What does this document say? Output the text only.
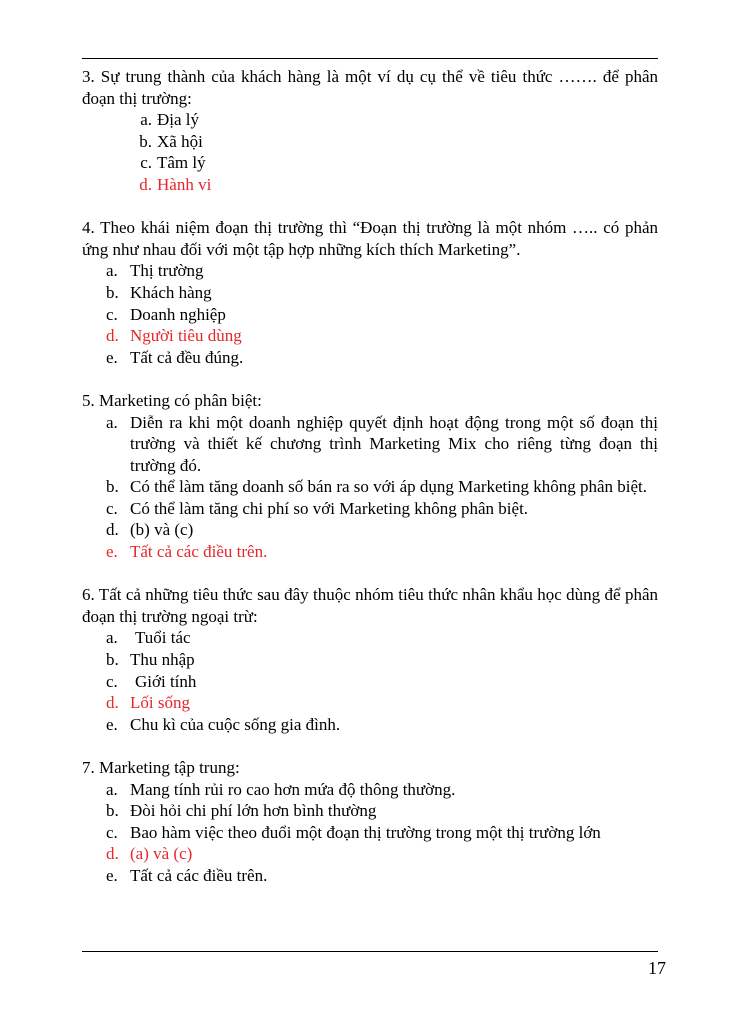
3. Sự trung thành của khách hàng là một ví dụ cụ thể về tiêu thức ……. để phân đoạn thị trường:

a. Địa lý
b. Xã hội
c. Tâm lý
d. Hành vi

4. Theo khái niệm đoạn thị trường thì “Đoạn thị trường là một nhóm ….. có phản ứng như nhau đối với một tập hợp những kích thích Marketing”.

a. Thị trường
b. Khách hàng
c. Doanh nghiệp
d. Người tiêu dùng
e. Tất cả đều đúng.

5. Marketing có phân biệt:

a. Diễn ra khi một doanh nghiệp quyết định hoạt động trong một số đoạn thị trường và thiết kế chương trình Marketing Mix cho riêng từng đoạn thị trường đó.
b. Có thể làm tăng doanh số bán ra so với áp dụng Marketing không phân biệt.
c. Có thể làm tăng chi phí so với Marketing không phân biệt.
d. (b) và (c)
e. Tất cả các điều trên.

6. Tất cả những tiêu thức sau đây thuộc nhóm tiêu thức nhân khẩu học dùng để phân đoạn thị trường ngoại trừ:

a. Tuổi tác
b. Thu nhập
c. Giới tính
d. Lối sống
e. Chu kì của cuộc sống gia đình.

7. Marketing tập trung:

a. Mang tính rủi ro cao hơn mứa độ thông thường.
b. Đòi hỏi chi phí lớn hơn bình thường
c. Bao hàm việc theo đuổi một đoạn thị trường trong một thị trường lớn
d. (a) và (c)
e. Tất cả các điều trên.
17
